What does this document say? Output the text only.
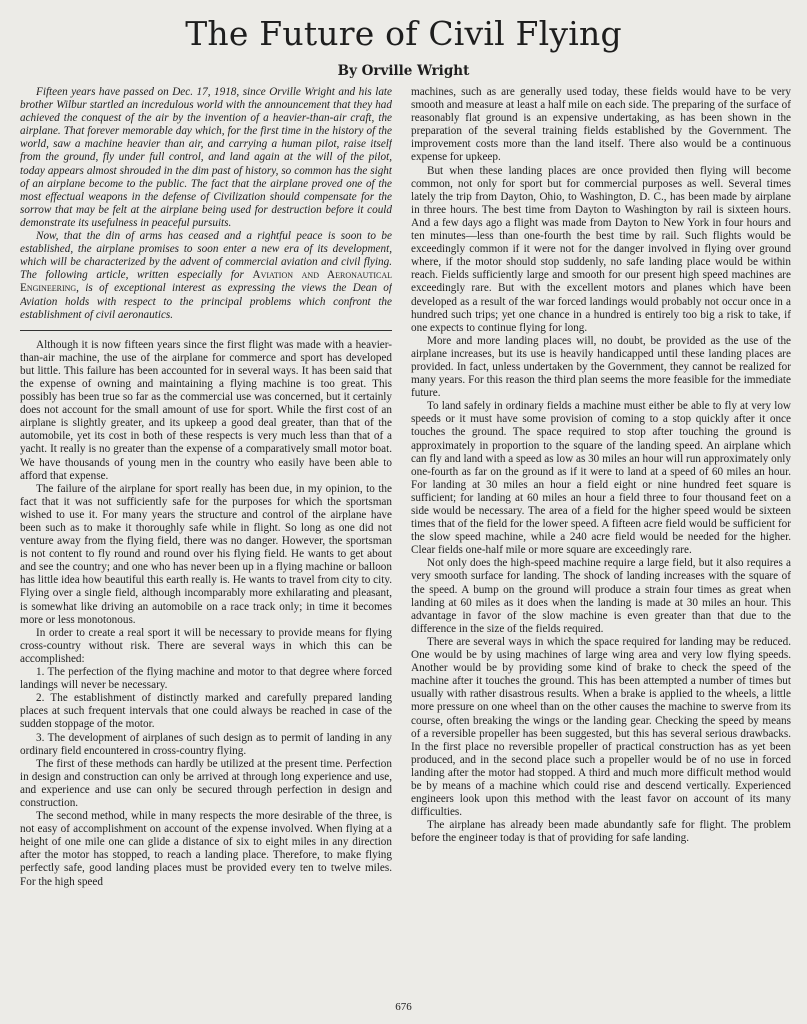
The Future of Civil Flying

By Orville Wright

Fifteen years have passed on Dec. 17, 1918, since Orville Wright and his late brother Wilbur startled an incredulous world with the announcement that they had achieved the conquest of the air by the invention of a heavier-than-air craft, the airplane. That forever memorable day which, for the first time in the history of the world, saw a machine heavier than air, and carrying a human pilot, raise itself from the ground, fly under full control, and land again at the will of the pilot, today appears almost shrouded in the dim past of history, so common has the sight of an airplane become to the public. The fact that the airplane proved one of the most effectual weapons in the defense of Civilization should compensate for the sorrow that may be felt at the airplane being used for destruction before it could demonstrate its usefulness in peaceful pursuits.

Now, that the din of arms has ceased and a rightful peace is soon to be established, the airplane promises to soon enter a new era of its development, which will be characterized by the advent of commercial aviation and civil flying. The following article, written especially for Aviation and Aeronautical Engineering, is of exceptional interest as expressing the views the Dean of Aviation holds with respect to the principal problems which confront the establishment of civil aeronautics.

Although it is now fifteen years since the first flight was made with a heavier-than-air machine, the use of the airplane for commerce and sport has developed but little. This failure has been accounted for in several ways. It has been said that the expense of owning and maintaining a flying machine is too great. This possibly has been true so far as the commercial use was concerned, but it certainly does not account for the small amount of use for sport. While the first cost of an airplane is slightly greater, and its upkeep a good deal greater, than that of the automobile, yet its cost in both of these respects is very much less than that of a yacht. It really is no greater than the expense of a comparatively small motor boat. We have thousands of young men in the country who easily have been able to afford that expense.

The failure of the airplane for sport really has been due, in my opinion, to the fact that it was not sufficiently safe for the purposes for which the sportsman wished to use it. For many years the structure and control of the airplane have been such as to make it thoroughly safe while in flight. So long as one did not venture away from the flying field, there was no danger. However, the sportsman is not content to fly round and round over his flying field. He wants to get about and see the country; and one who has never been up in a flying machine or balloon has little idea how beautiful this earth really is. He wants to travel from city to city. Flying over a single field, although incomparably more exhilarating and pleasant, is somewhat like driving an automobile on a race track only; in time it becomes more or less monotonous.

In order to create a real sport it will be necessary to provide means for flying cross-country without risk. There are several ways in which this can be accomplished:

1. The perfection of the flying machine and motor to that degree where forced landings will never be necessary.

2. The establishment of distinctly marked and carefully prepared landing places at such frequent intervals that one could always be reached in case of the sudden stoppage of the motor.

3. The development of airplanes of such design as to permit of landing in any ordinary field encountered in cross-country flying.

The first of these methods can hardly be utilized at the present time. Perfection in design and construction can only be arrived at through long experience and use, and experience and use can only be secured through perfection in design and construction.

The second method, while in many respects the more desirable of the three, is not easy of accomplishment on account of the expense involved. When flying at a height of one mile one can glide a distance of six to eight miles in any direction after the motor has stopped, to reach a landing place. Therefore, to make flying perfectly safe, good landing places must be provided every ten to twelve miles. For the high speed

machines, such as are generally used today, these fields would have to be very smooth and measure at least a half mile on each side. The preparing of the surface of reasonably flat ground is an expensive undertaking, as has been shown in the preparation of the several training fields established by the Government. The improvement costs more than the land itself. There also would be a continuous expense for upkeep.

But when these landing places are once provided then flying will become common, not only for sport but for commercial purposes as well. Several times lately the trip from Dayton, Ohio, to Washington, D. C., has been made by airplane in three hours. The best time from Dayton to Washington by rail is sixteen hours. And a few days ago a flight was made from Dayton to New York in four hours and ten minutes—less than one-fourth the best time by rail. Such flights would be exceedingly common if it were not for the danger involved in flying over ground where, if the motor should stop suddenly, no safe landing place would be within reach. Fields sufficiently large and smooth for our present high speed machines are exceedingly rare. But with the excellent motors and planes which have been developed as a result of the war forced landings would probably not occur once in a hundred such trips; yet one chance in a hundred is entirely too big a risk to take, if one expects to continue flying for long.

More and more landing places will, no doubt, be provided as the use of the airplane increases, but its use is heavily handicapped until these landing places are provided. In fact, unless undertaken by the Government, they cannot be realized for many years. For this reason the third plan seems the more feasible for the immediate future.

To land safely in ordinary fields a machine must either be able to fly at very low speeds or it must have some provision of coming to a stop quickly after it once touches the ground. The space required to stop after touching the ground is approximately in proportion to the square of the landing speed. An airplane which can fly and land with a speed as low as 30 miles an hour will run approximately only one-fourth as far on the ground as if it were to land at a speed of 60 miles an hour. For landing at 30 miles an hour a field eight or nine hundred feet square is sufficient; for landing at 60 miles an hour a field three to four thousand feet on a side would be necessary. The area of a field for the higher speed would be sixteen times that of the field for the lower speed. A fifteen acre field would be sufficient for the slow speed machine, while a 240 acre field would be needed for the higher. Clear fields one-half mile or more square are exceedingly rare.

Not only does the high-speed machine require a large field, but it also requires a very smooth surface for landing. The shock of landing increases with the square of the speed. A bump on the ground will produce a strain four times as great when landing at 60 miles as it does when the landing is made at 30 miles an hour. This advantage in favor of the slow machine is even greater than that due to the difference in the size of the fields required.

There are several ways in which the space required for landing may be reduced. One would be by using machines of large wing area and very low flying speeds. Another would be by providing some kind of brake to check the speed of the machine after it touches the ground. This has been attempted a number of times but usually with rather disastrous results. When a brake is applied to the wheels, a little more pressure on one wheel than on the other causes the machine to swerve from its course, often breaking the wings or the landing gear. Checking the speed by means of a reversible propeller has been suggested, but this has several serious drawbacks. In the first place no reversible propeller of practical construction has as yet been produced, and in the second place such a propeller would be of no use in forced landing after the motor had stopped. A third and much more difficult method would be by means of a machine which could rise and descend vertically. Experienced engineers look upon this method with the least favor on account of its many difficulties.

The airplane has already been made abundantly safe for flight. The problem before the engineer today is that of providing for safe landing.

676
